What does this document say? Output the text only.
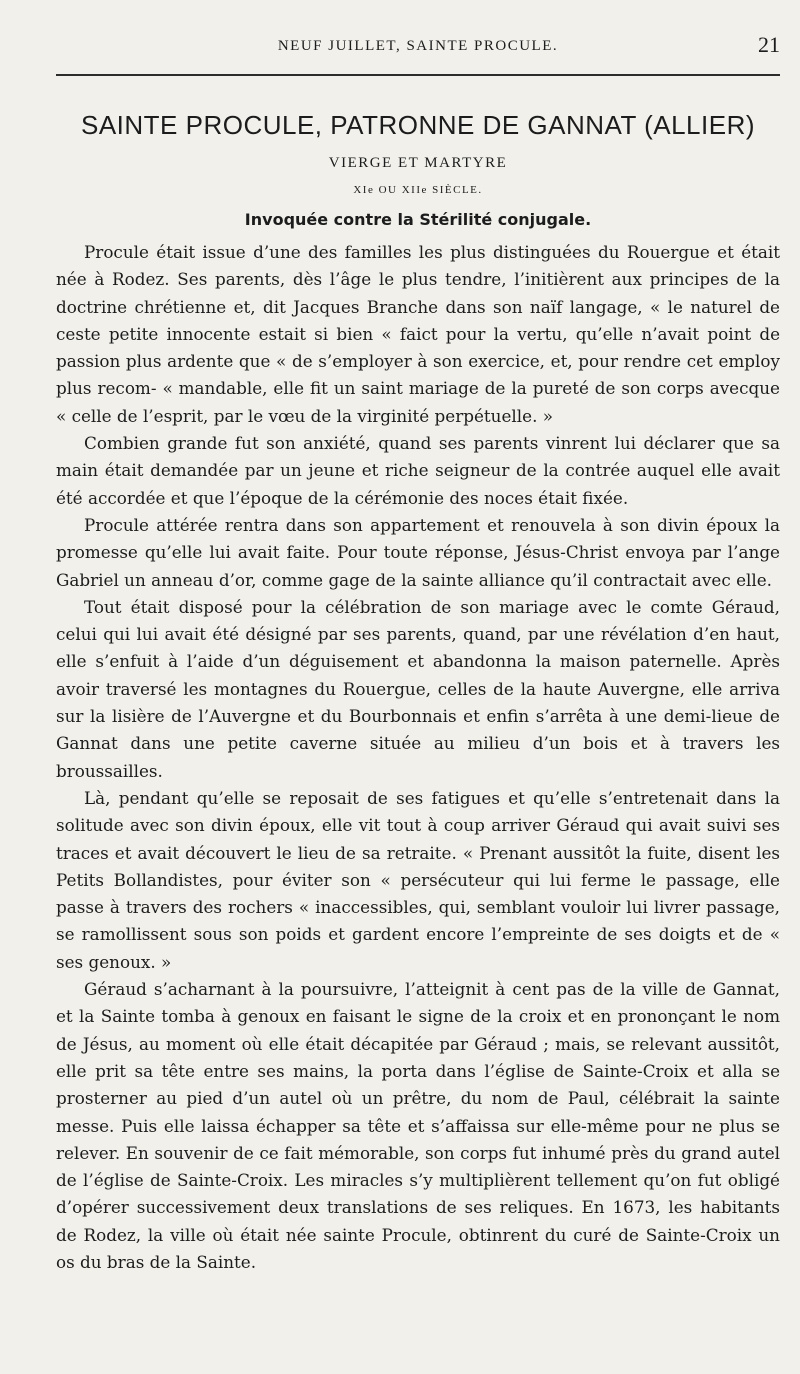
NEUF JUILLET, SAINTE PROCULE.	21
SAINTE PROCULE, PATRONNE DE GANNAT (ALLIER)
VIERGE ET MARTYRE
XIe OU XIIe SIÈCLE.
Invoquée contre la Stérilité conjugale.

Procule était issue d’une des familles les plus distinguées du Rouergue et était née à Rodez. Ses parents, dès l’âge le plus tendre, l’initièrent aux principes de la doctrine chrétienne et, dit Jacques Branche dans son naïf langage, « le naturel de ceste petite innocente estait si bien « faict pour la vertu, qu’elle n’avait point de passion plus ardente que « de s’employer à son exercice, et, pour rendre cet employ plus recom- « mandable, elle fit un saint mariage de la pureté de son corps avecque « celle de l’esprit, par le vœu de la virginité perpétuelle. »

Combien grande fut son anxiété, quand ses parents vinrent lui déclarer que sa main était demandée par un jeune et riche seigneur de la contrée auquel elle avait été accordée et que l’époque de la cérémonie des noces était fixée.

Procule attérée rentra dans son appartement et renouvela à son divin époux la promesse qu’elle lui avait faite. Pour toute réponse, Jésus-Christ envoya par l’ange Gabriel un anneau d’or, comme gage de la sainte alliance qu’il contractait avec elle.

Tout était disposé pour la célébration de son mariage avec le comte Géraud, celui qui lui avait été désigné par ses parents, quand, par une révélation d’en haut, elle s’enfuit à l’aide d’un déguisement et abandonna la maison paternelle. Après avoir traversé les montagnes du Rouergue, celles de la haute Auvergne, elle arriva sur la lisière de l’Auvergne et du Bourbonnais et enfin s’arrêta à une demi-lieue de Gannat dans une petite caverne située au milieu d’un bois et à travers les broussailles.

Là, pendant qu’elle se reposait de ses fatigues et qu’elle s’entretenait dans la solitude avec son divin époux, elle vit tout à coup arriver Géraud qui avait suivi ses traces et avait découvert le lieu de sa retraite. « Prenant aussitôt la fuite, disent les Petits Bollandistes, pour éviter son « persécuteur qui lui ferme le passage, elle passe à travers des rochers « inaccessibles, qui, semblant vouloir lui livrer passage, se ramollissent sous son poids et gardent encore l’empreinte de ses doigts et de « ses genoux. »

Géraud s’acharnant à la poursuivre, l’atteignit à cent pas de la ville de Gannat, et la Sainte tomba à genoux en faisant le signe de la croix et en prononçant le nom de Jésus, au moment où elle était décapitée par Géraud ; mais, se relevant aussitôt, elle prit sa tête entre ses mains, la porta dans l’église de Sainte-Croix et alla se prosterner au pied d’un autel où un prêtre, du nom de Paul, célébrait la sainte messe. Puis elle laissa échapper sa tête et s’affaissa sur elle-même pour ne plus se relever. En souvenir de ce fait mémorable, son corps fut inhumé près du grand autel de l’église de Sainte-Croix. Les miracles s’y multiplièrent tellement qu’on fut obligé d’opérer successivement deux translations de ses reliques. En 1673, les habitants de Rodez, la ville où était née sainte Procule, obtinrent du curé de Sainte-Croix un os du bras de la Sainte.
